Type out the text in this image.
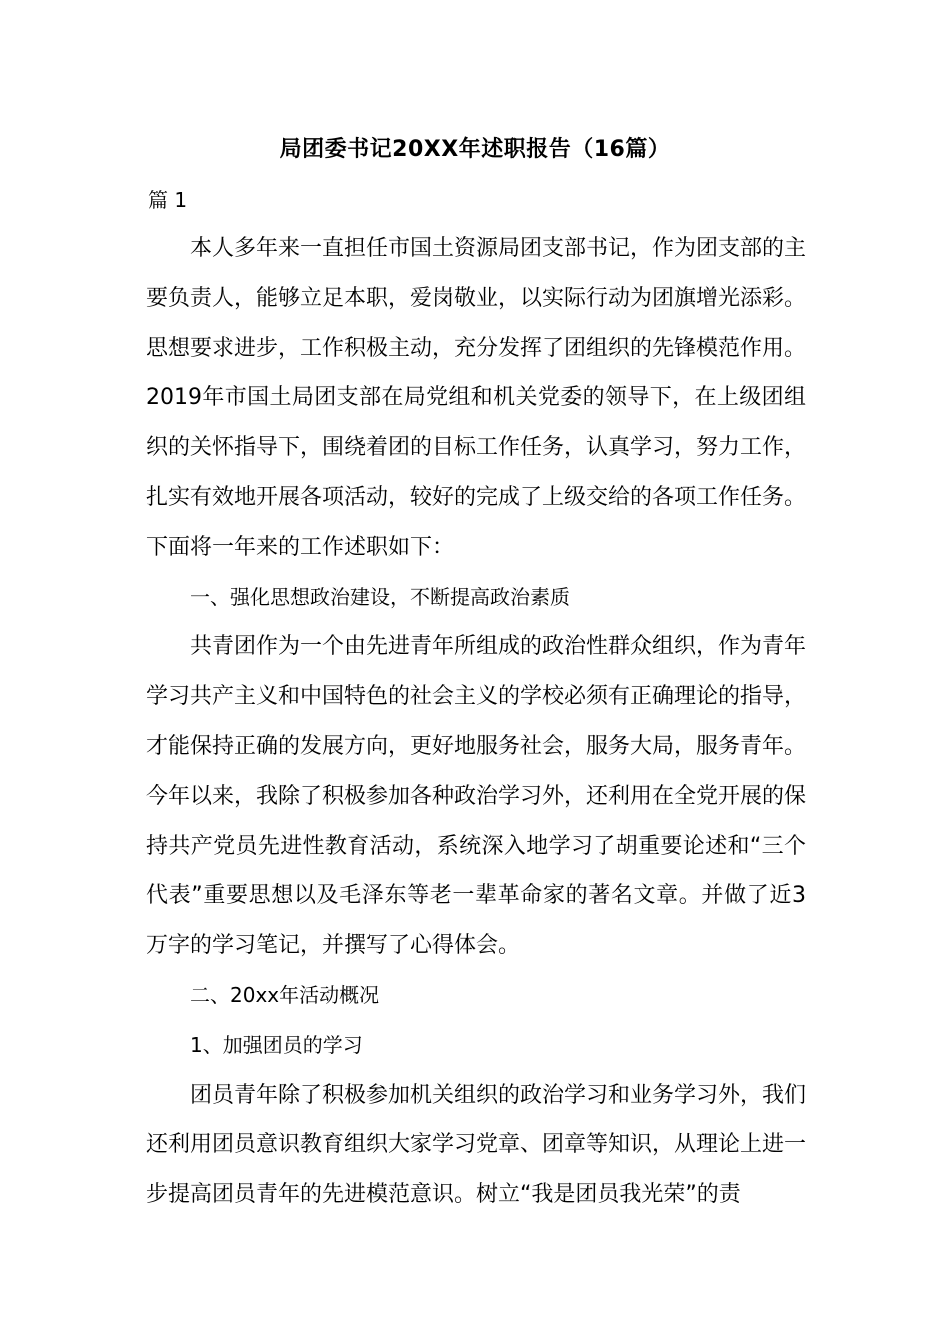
局团委书记20XX年述职报告（16篇）
篇 1

本人多年来一直担任市国土资源局团支部书记，作为团支部的主要负责人，能够立足本职，爱岗敬业，以实际行动为团旗增光添彩。思想要求进步，工作积极主动，充分发挥了团组织的先锋模范作用。2019年市国土局团支部在局党组和机关党委的领导下，在上级团组织的关怀指导下，围绕着团的目标工作任务，认真学习，努力工作，扎实有效地开展各项活动，较好的完成了上级交给的各项工作任务。下面将一年来的工作述职如下：

一、强化思想政治建设，不断提高政治素质

共青团作为一个由先进青年所组成的政治性群众组织，作为青年学习共产主义和中国特色的社会主义的学校必须有正确理论的指导，才能保持正确的发展方向，更好地服务社会，服务大局，服务青年。今年以来，我除了积极参加各种政治学习外，还利用在全党开展的保持共产党员先进性教育活动，系统深入地学习了胡重要论述和“三个代表”重要思想以及毛泽东等老一辈革命家的著名文章。并做了近3万字的学习笔记，并撰写了心得体会。

二、20xx年活动概况

1、加强团员的学习

团员青年除了积极参加机关组织的政治学习和业务学习外，我们还利用团员意识教育组织大家学习党章、团章等知识，从理论上进一步提高团员青年的先进模范意识。树立“我是团员我光荣”的责
